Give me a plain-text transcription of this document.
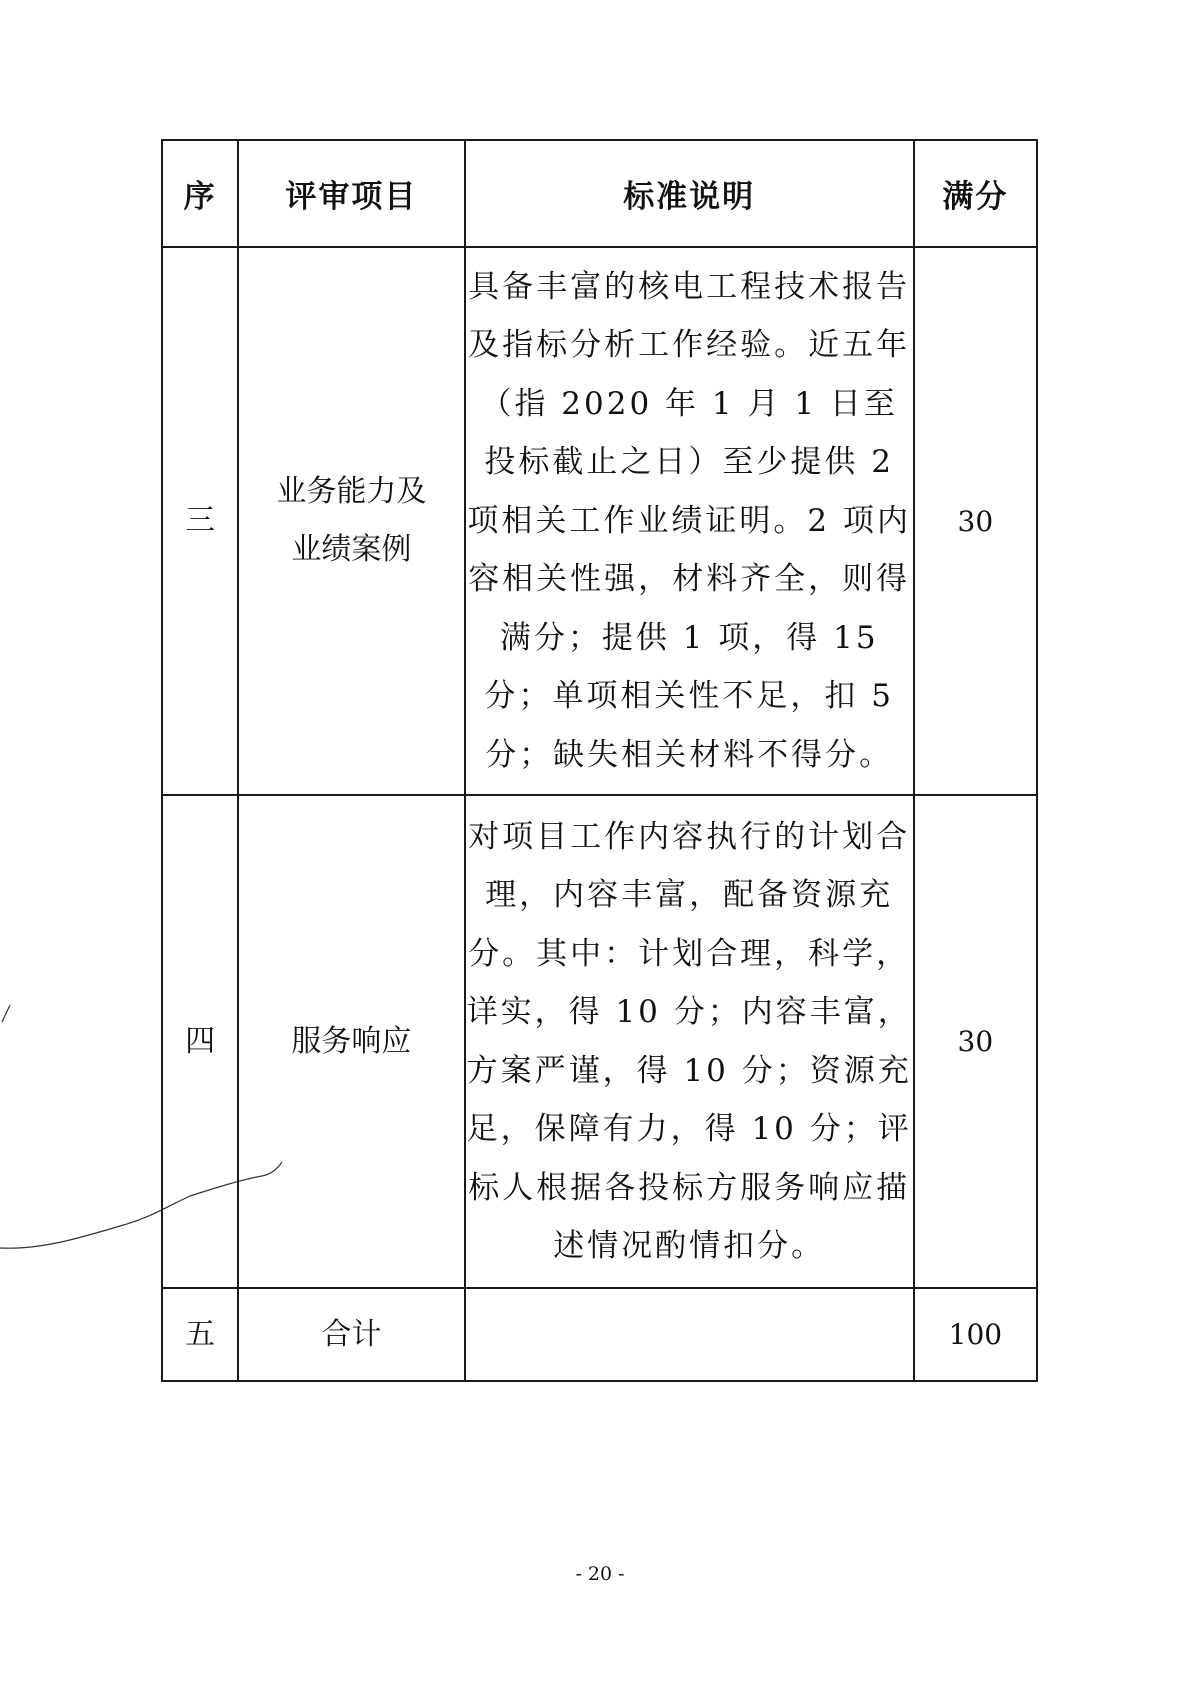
序	评审项目	标准说明	满分
三	业务能力及业绩案例	具备丰富的核电工程技术报告及指标分析工作经验。近五年（指 2020 年 1 月 1 日至投标截止之日）至少提供 2 项相关工作业绩证明。2 项内容相关性强，材料齐全，则得满分；提供 1 项，得 15 分；单项相关性不足，扣 5 分；缺失相关材料不得分。	30
四	服务响应	对项目工作内容执行的计划合理，内容丰富，配备资源充分。其中：计划合理，科学，详实，得 10 分；内容丰富，方案严谨，得 10 分；资源充足，保障有力，得 10 分；评标人根据各投标方服务响应描述情况酌情扣分。	30
五	合计		100
- 20 -
